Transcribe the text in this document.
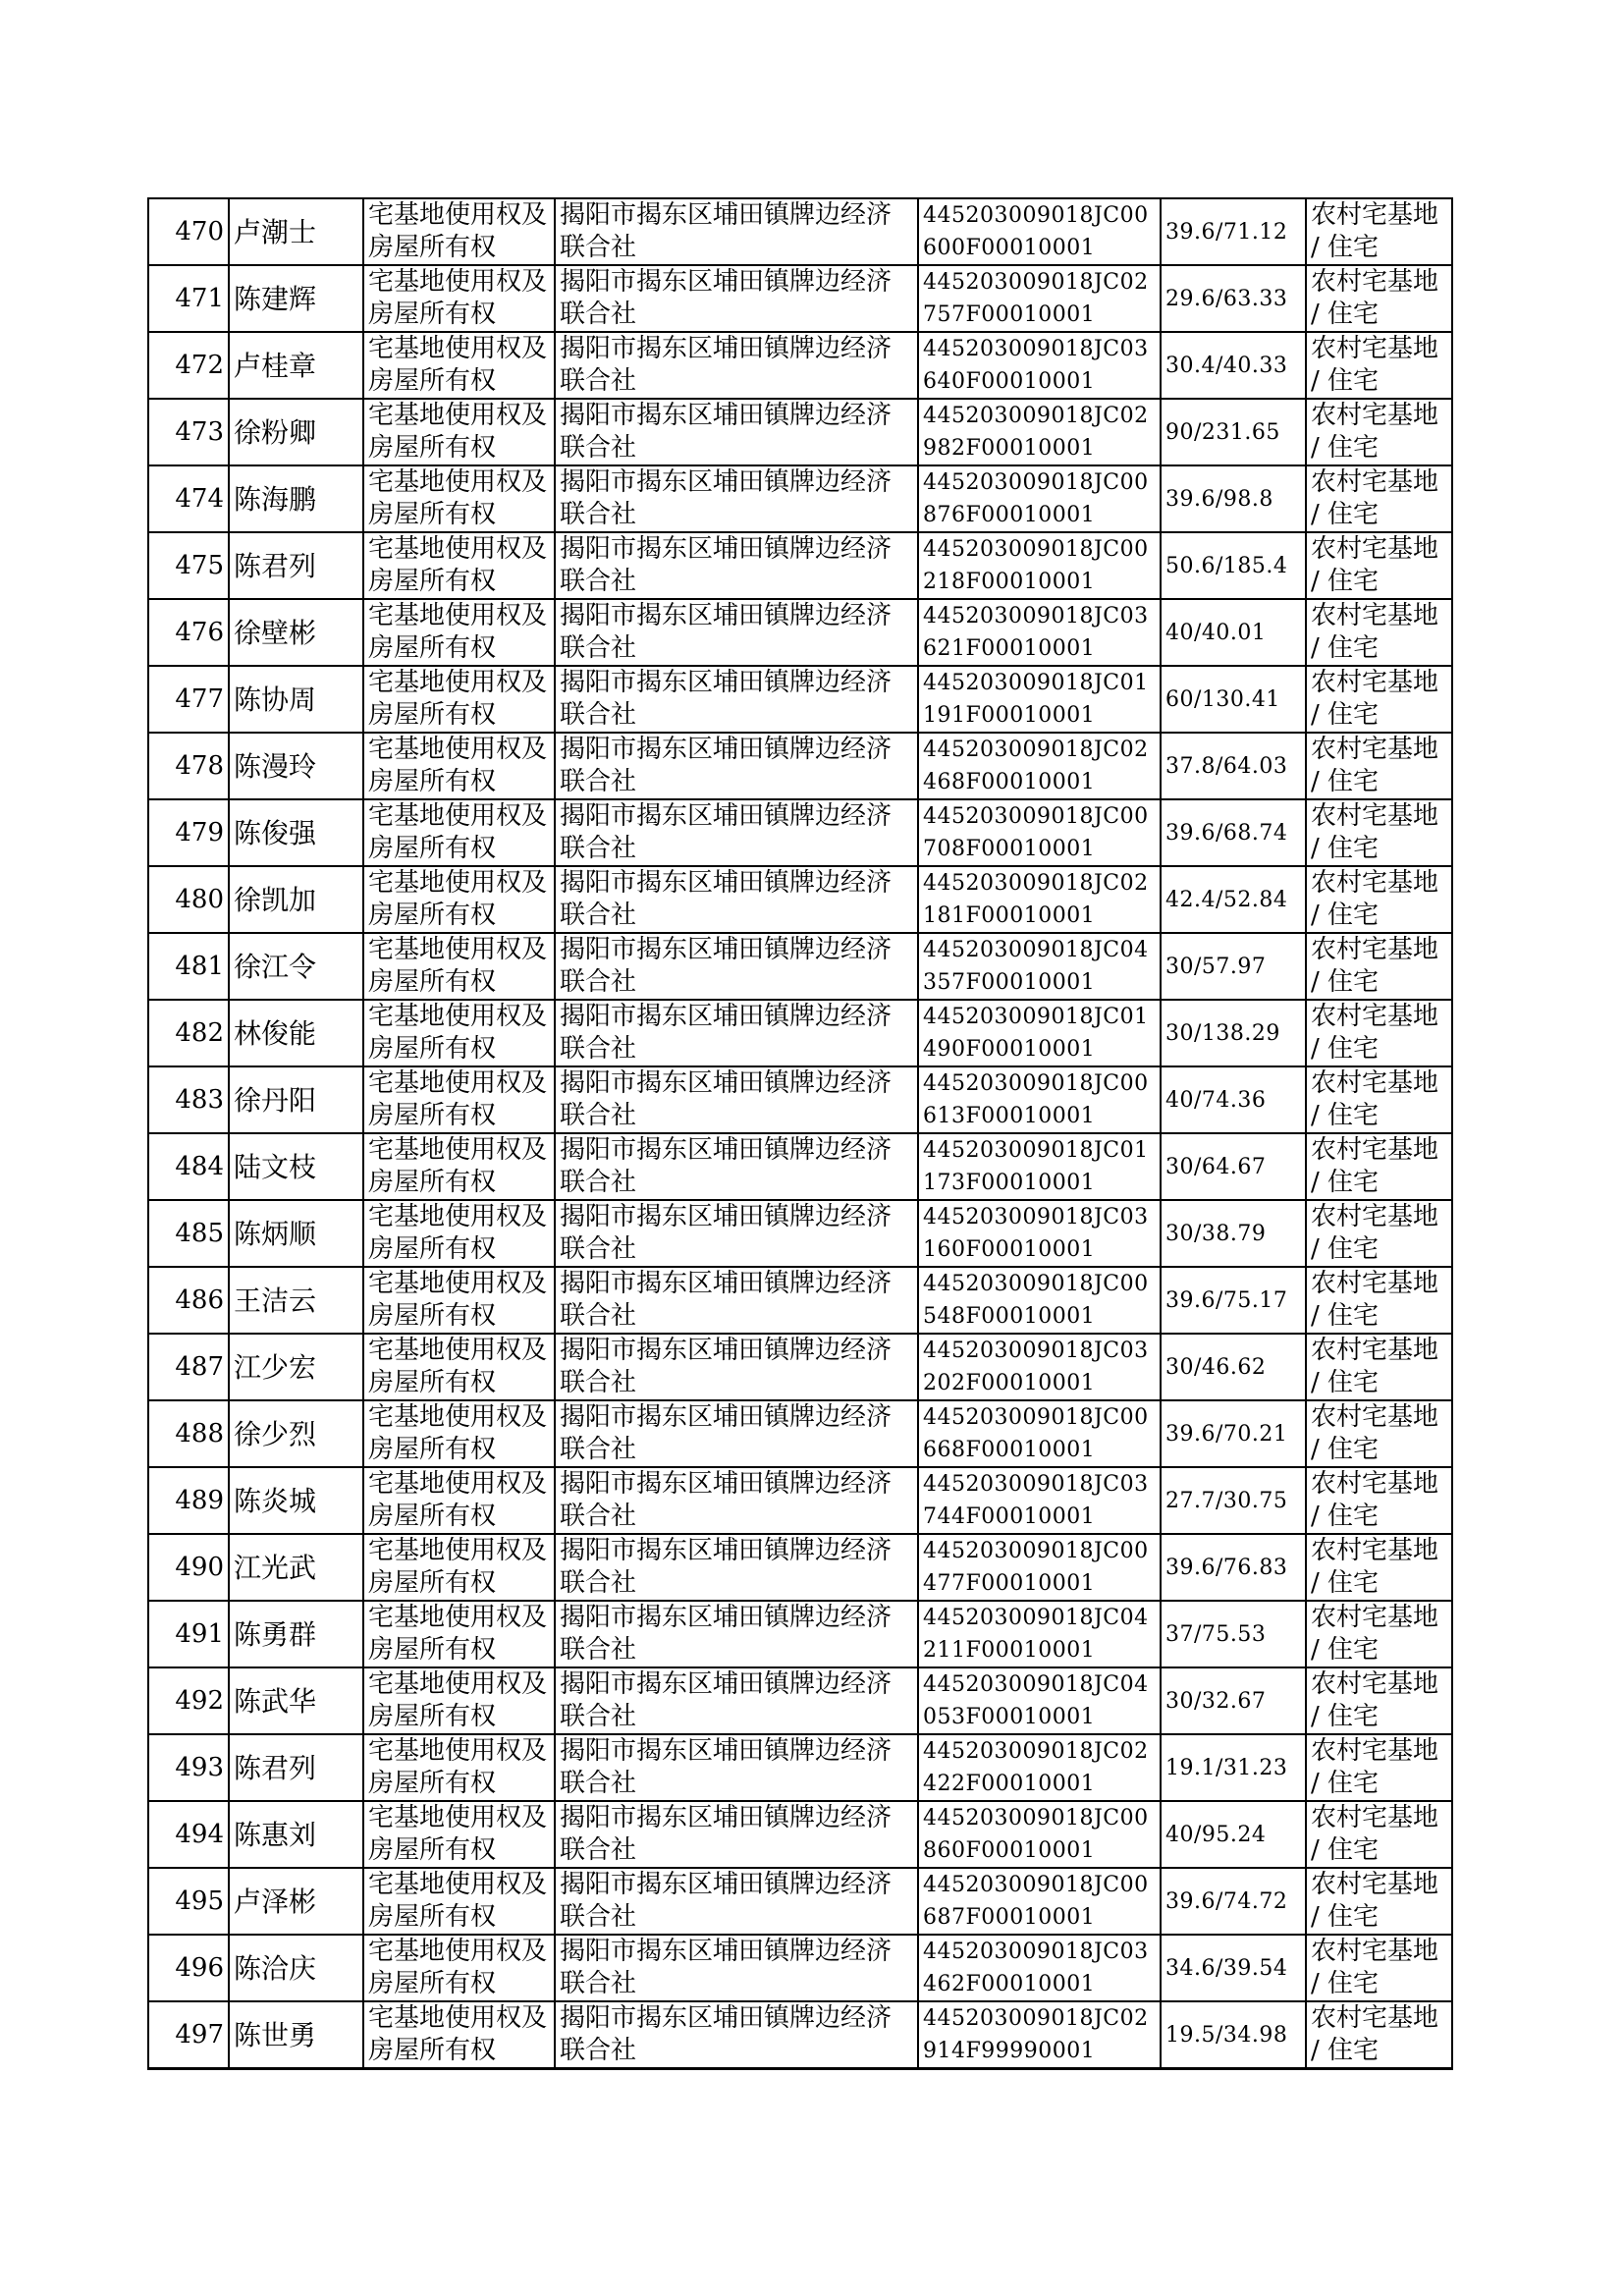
470	卢潮士	宅基地使用权及房屋所有权	揭阳市揭东区埔田镇牌边经济联合社	445203009018JC00600F00010001	39.6/71.12	农村宅基地 / 住宅
471	陈建辉	宅基地使用权及房屋所有权	揭阳市揭东区埔田镇牌边经济联合社	445203009018JC02757F00010001	29.6/63.33	农村宅基地 / 住宅
472	卢桂章	宅基地使用权及房屋所有权	揭阳市揭东区埔田镇牌边经济联合社	445203009018JC03640F00010001	30.4/40.33	农村宅基地 / 住宅
473	徐粉卿	宅基地使用权及房屋所有权	揭阳市揭东区埔田镇牌边经济联合社	445203009018JC02982F00010001	90/231.65	农村宅基地 / 住宅
474	陈海鹏	宅基地使用权及房屋所有权	揭阳市揭东区埔田镇牌边经济联合社	445203009018JC00876F00010001	39.6/98.8	农村宅基地 / 住宅
475	陈君列	宅基地使用权及房屋所有权	揭阳市揭东区埔田镇牌边经济联合社	445203009018JC00218F00010001	50.6/185.4	农村宅基地 / 住宅
476	徐壁彬	宅基地使用权及房屋所有权	揭阳市揭东区埔田镇牌边经济联合社	445203009018JC03621F00010001	40/40.01	农村宅基地 / 住宅
477	陈协周	宅基地使用权及房屋所有权	揭阳市揭东区埔田镇牌边经济联合社	445203009018JC01191F00010001	60/130.41	农村宅基地 / 住宅
478	陈漫玲	宅基地使用权及房屋所有权	揭阳市揭东区埔田镇牌边经济联合社	445203009018JC02468F00010001	37.8/64.03	农村宅基地 / 住宅
479	陈俊强	宅基地使用权及房屋所有权	揭阳市揭东区埔田镇牌边经济联合社	445203009018JC00708F00010001	39.6/68.74	农村宅基地 / 住宅
480	徐凯加	宅基地使用权及房屋所有权	揭阳市揭东区埔田镇牌边经济联合社	445203009018JC02181F00010001	42.4/52.84	农村宅基地 / 住宅
481	徐江令	宅基地使用权及房屋所有权	揭阳市揭东区埔田镇牌边经济联合社	445203009018JC04357F00010001	30/57.97	农村宅基地 / 住宅
482	林俊能	宅基地使用权及房屋所有权	揭阳市揭东区埔田镇牌边经济联合社	445203009018JC01490F00010001	30/138.29	农村宅基地 / 住宅
483	徐丹阳	宅基地使用权及房屋所有权	揭阳市揭东区埔田镇牌边经济联合社	445203009018JC00613F00010001	40/74.36	农村宅基地 / 住宅
484	陆文枝	宅基地使用权及房屋所有权	揭阳市揭东区埔田镇牌边经济联合社	445203009018JC01173F00010001	30/64.67	农村宅基地 / 住宅
485	陈炳顺	宅基地使用权及房屋所有权	揭阳市揭东区埔田镇牌边经济联合社	445203009018JC03160F00010001	30/38.79	农村宅基地 / 住宅
486	王洁云	宅基地使用权及房屋所有权	揭阳市揭东区埔田镇牌边经济联合社	445203009018JC00548F00010001	39.6/75.17	农村宅基地 / 住宅
487	江少宏	宅基地使用权及房屋所有权	揭阳市揭东区埔田镇牌边经济联合社	445203009018JC03202F00010001	30/46.62	农村宅基地 / 住宅
488	徐少烈	宅基地使用权及房屋所有权	揭阳市揭东区埔田镇牌边经济联合社	445203009018JC00668F00010001	39.6/70.21	农村宅基地 / 住宅
489	陈炎城	宅基地使用权及房屋所有权	揭阳市揭东区埔田镇牌边经济联合社	445203009018JC03744F00010001	27.7/30.75	农村宅基地 / 住宅
490	江光武	宅基地使用权及房屋所有权	揭阳市揭东区埔田镇牌边经济联合社	445203009018JC00477F00010001	39.6/76.83	农村宅基地 / 住宅
491	陈勇群	宅基地使用权及房屋所有权	揭阳市揭东区埔田镇牌边经济联合社	445203009018JC04211F00010001	37/75.53	农村宅基地 / 住宅
492	陈武华	宅基地使用权及房屋所有权	揭阳市揭东区埔田镇牌边经济联合社	445203009018JC04053F00010001	30/32.67	农村宅基地 / 住宅
493	陈君列	宅基地使用权及房屋所有权	揭阳市揭东区埔田镇牌边经济联合社	445203009018JC02422F00010001	19.1/31.23	农村宅基地 / 住宅
494	陈惠刘	宅基地使用权及房屋所有权	揭阳市揭东区埔田镇牌边经济联合社	445203009018JC00860F00010001	40/95.24	农村宅基地 / 住宅
495	卢泽彬	宅基地使用权及房屋所有权	揭阳市揭东区埔田镇牌边经济联合社	445203009018JC00687F00010001	39.6/74.72	农村宅基地 / 住宅
496	陈洽庆	宅基地使用权及房屋所有权	揭阳市揭东区埔田镇牌边经济联合社	445203009018JC03462F00010001	34.6/39.54	农村宅基地 / 住宅
497	陈世勇	宅基地使用权及房屋所有权	揭阳市揭东区埔田镇牌边经济联合社	445203009018JC02914F99990001	19.5/34.98	农村宅基地 / 住宅
